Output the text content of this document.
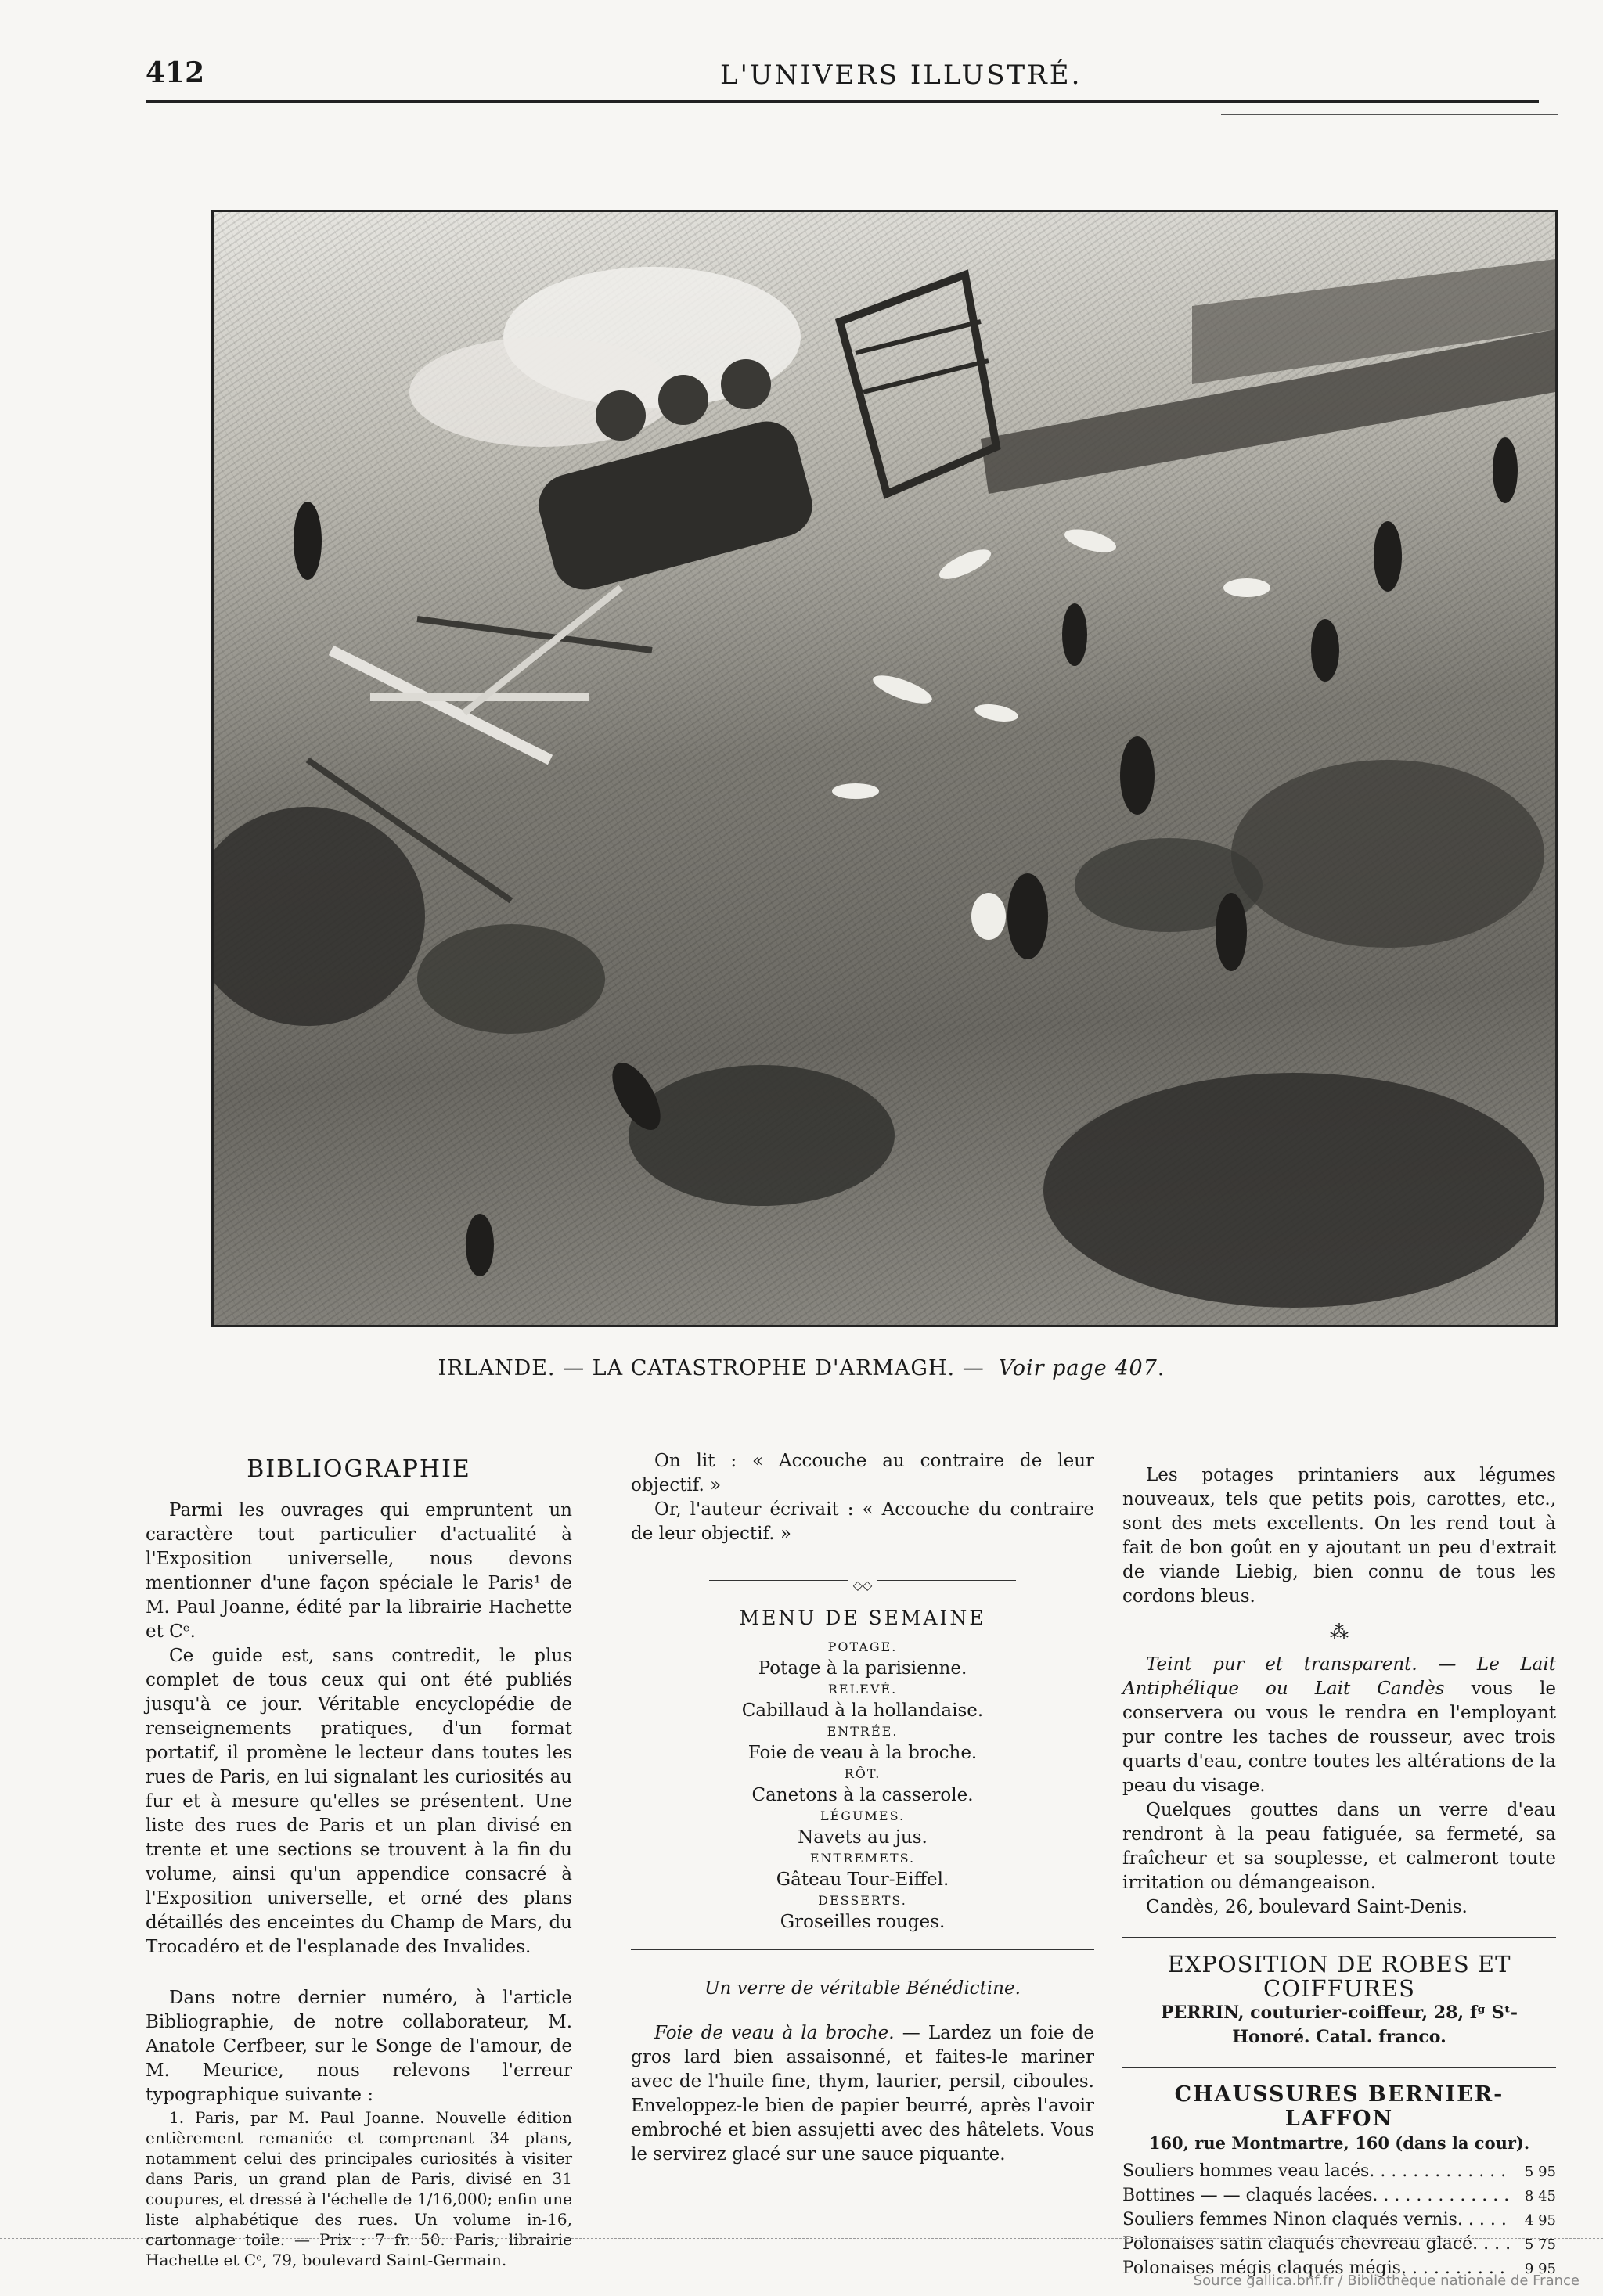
412	L'UNIVERS ILLUSTRÉ.
IRLANDE. — LA CATASTROPHE D'ARMAGH. — Voir page 407.
BIBLIOGRAPHIE

Parmi les ouvrages qui empruntent un caractère tout particulier d'actualité à l'Exposition universelle, nous devons mentionner d'une façon spéciale le Paris¹ de M. Paul Joanne, édité par la librairie Hachette et Cᵉ.

Ce guide est, sans contredit, le plus complet de tous ceux qui ont été publiés jusqu'à ce jour. Véritable encyclopédie de renseignements pratiques, d'un format portatif, il promène le lecteur dans toutes les rues de Paris, en lui signalant les curiosités au fur et à mesure qu'elles se présentent. Une liste des rues de Paris et un plan divisé en trente et une sections se trouvent à la fin du volume, ainsi qu'un appendice consacré à l'Exposition universelle, et orné des plans détaillés des enceintes du Champ de Mars, du Trocadéro et de l'esplanade des Invalides.

Dans notre dernier numéro, à l'article Bibliographie, de notre collaborateur, M. Anatole Cerfbeer, sur le Songe de l'amour, de M. Meurice, nous relevons l'erreur typographique suivante :

1. Paris, par M. Paul Joanne. Nouvelle édition entièrement remaniée et comprenant 34 plans, notamment celui des principales curiosités à visiter dans Paris, un grand plan de Paris, divisé en 31 coupures, et dressé à l'échelle de 1/16,000; enfin une liste alphabétique des rues. Un volume in-16, cartonnage toile. — Prix : 7 fr. 50. Paris, librairie Hachette et Cᵉ, 79, boulevard Saint-Germain.

On lit : « Accouche au contraire de leur objectif. »

Or, l'auteur écrivait : « Accouche du contraire de leur objectif. »

◇◇
MENU DE SEMAINE
POTAGE.
Potage à la parisienne.
RELEVÉ.
Cabillaud à la hollandaise.
ENTRÉE.
Foie de veau à la broche.
RÔT.
Canetons à la casserole.
LÉGUMES.
Navets au jus.
ENTREMETS.
Gâteau Tour-Eiffel.
DESSERTS.
Groseilles rouges.
Un verre de véritable Bénédictine.

Foie de veau à la broche. — Lardez un foie de gros lard bien assaisonné, et faites-le mariner avec de l'huile fine, thym, laurier, persil, ciboules. Enveloppez-le bien de papier beurré, après l'avoir embroché et bien assujetti avec des hâtelets. Vous le servirez glacé sur une sauce piquante.

Les potages printaniers aux légumes nouveaux, tels que petits pois, carottes, etc., sont des mets excellents. On les rend tout à fait de bon goût en y ajoutant un peu d'extrait de viande Liebig, bien connu de tous les cordons bleus.

⁂

Teint pur et transparent. — Le Lait Antiphélique ou Lait Candès vous le conservera ou vous le rendra en l'employant pur contre les taches de rousseur, avec trois quarts d'eau, contre toutes les altérations de la peau du visage.

Quelques gouttes dans un verre d'eau rendront à la peau fatiguée, sa fermeté, sa fraîcheur et sa souplesse, et calmeront toute irritation ou démangeaison.

Candès, 26, boulevard Saint-Denis.

EXPOSITION DE ROBES ET COIFFURES
PERRIN, couturier-coiffeur, 28, fᵍ Sᵗ-Honoré. Catal. franco.
CHAUSSURES BERNIER-LAFFON
160, rue Montmartre, 160 (dans la cour).
Souliers hommes veau lacés . . .	5 95
Bottines — — claqués lacées . . .	8 45
Souliers femmes Ninon claqués vernis . . .	4 95
Polonaises satin claqués chevreau glacé . . .	5 75
Polonaises mégis claqués mégis . . .	9 95
Source gallica.bnf.fr / Bibliothèque nationale de France
